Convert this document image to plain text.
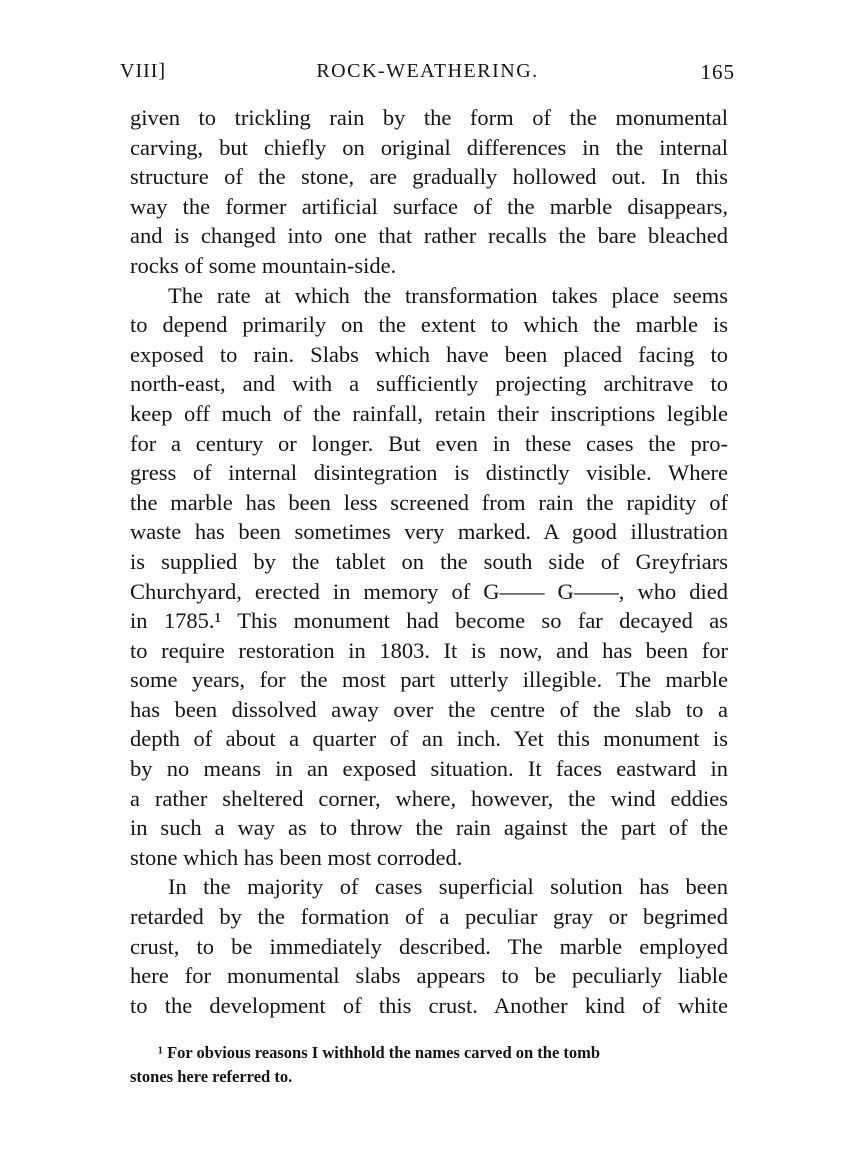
VIII]	ROCK-WEATHERING.	165
given to trickling rain by the form of the monumental
carving, but chiefly on original differences in the internal
structure of the stone, are gradually hollowed out. In this
way the former artificial surface of the marble disappears,
and is changed into one that rather recalls the bare bleached
rocks of some mountain-side.
The rate at which the transformation takes place seems
to depend primarily on the extent to which the marble is
exposed to rain. Slabs which have been placed facing to
north-east, and with a sufficiently projecting architrave to
keep off much of the rainfall, retain their inscriptions legible
for a century or longer. But even in these cases the pro-
gress of internal disintegration is distinctly visible. Where
the marble has been less screened from rain the rapidity of
waste has been sometimes very marked. A good illustration
is supplied by the tablet on the south side of Greyfriars
Churchyard, erected in memory of G—— G——, who died
in 1785.¹ This monument had become so far decayed as
to require restoration in 1803. It is now, and has been for
some years, for the most part utterly illegible. The marble
has been dissolved away over the centre of the slab to a
depth of about a quarter of an inch. Yet this monument is
by no means in an exposed situation. It faces eastward in
a rather sheltered corner, where, however, the wind eddies
in such a way as to throw the rain against the part of the
stone which has been most corroded.
In the majority of cases superficial solution has been
retarded by the formation of a peculiar gray or begrimed
crust, to be immediately described. The marble employed
here for monumental slabs appears to be peculiarly liable
to the development of this crust. Another kind of white
¹ For obvious reasons I withhold the names carved on the tomb
stones here referred to.
